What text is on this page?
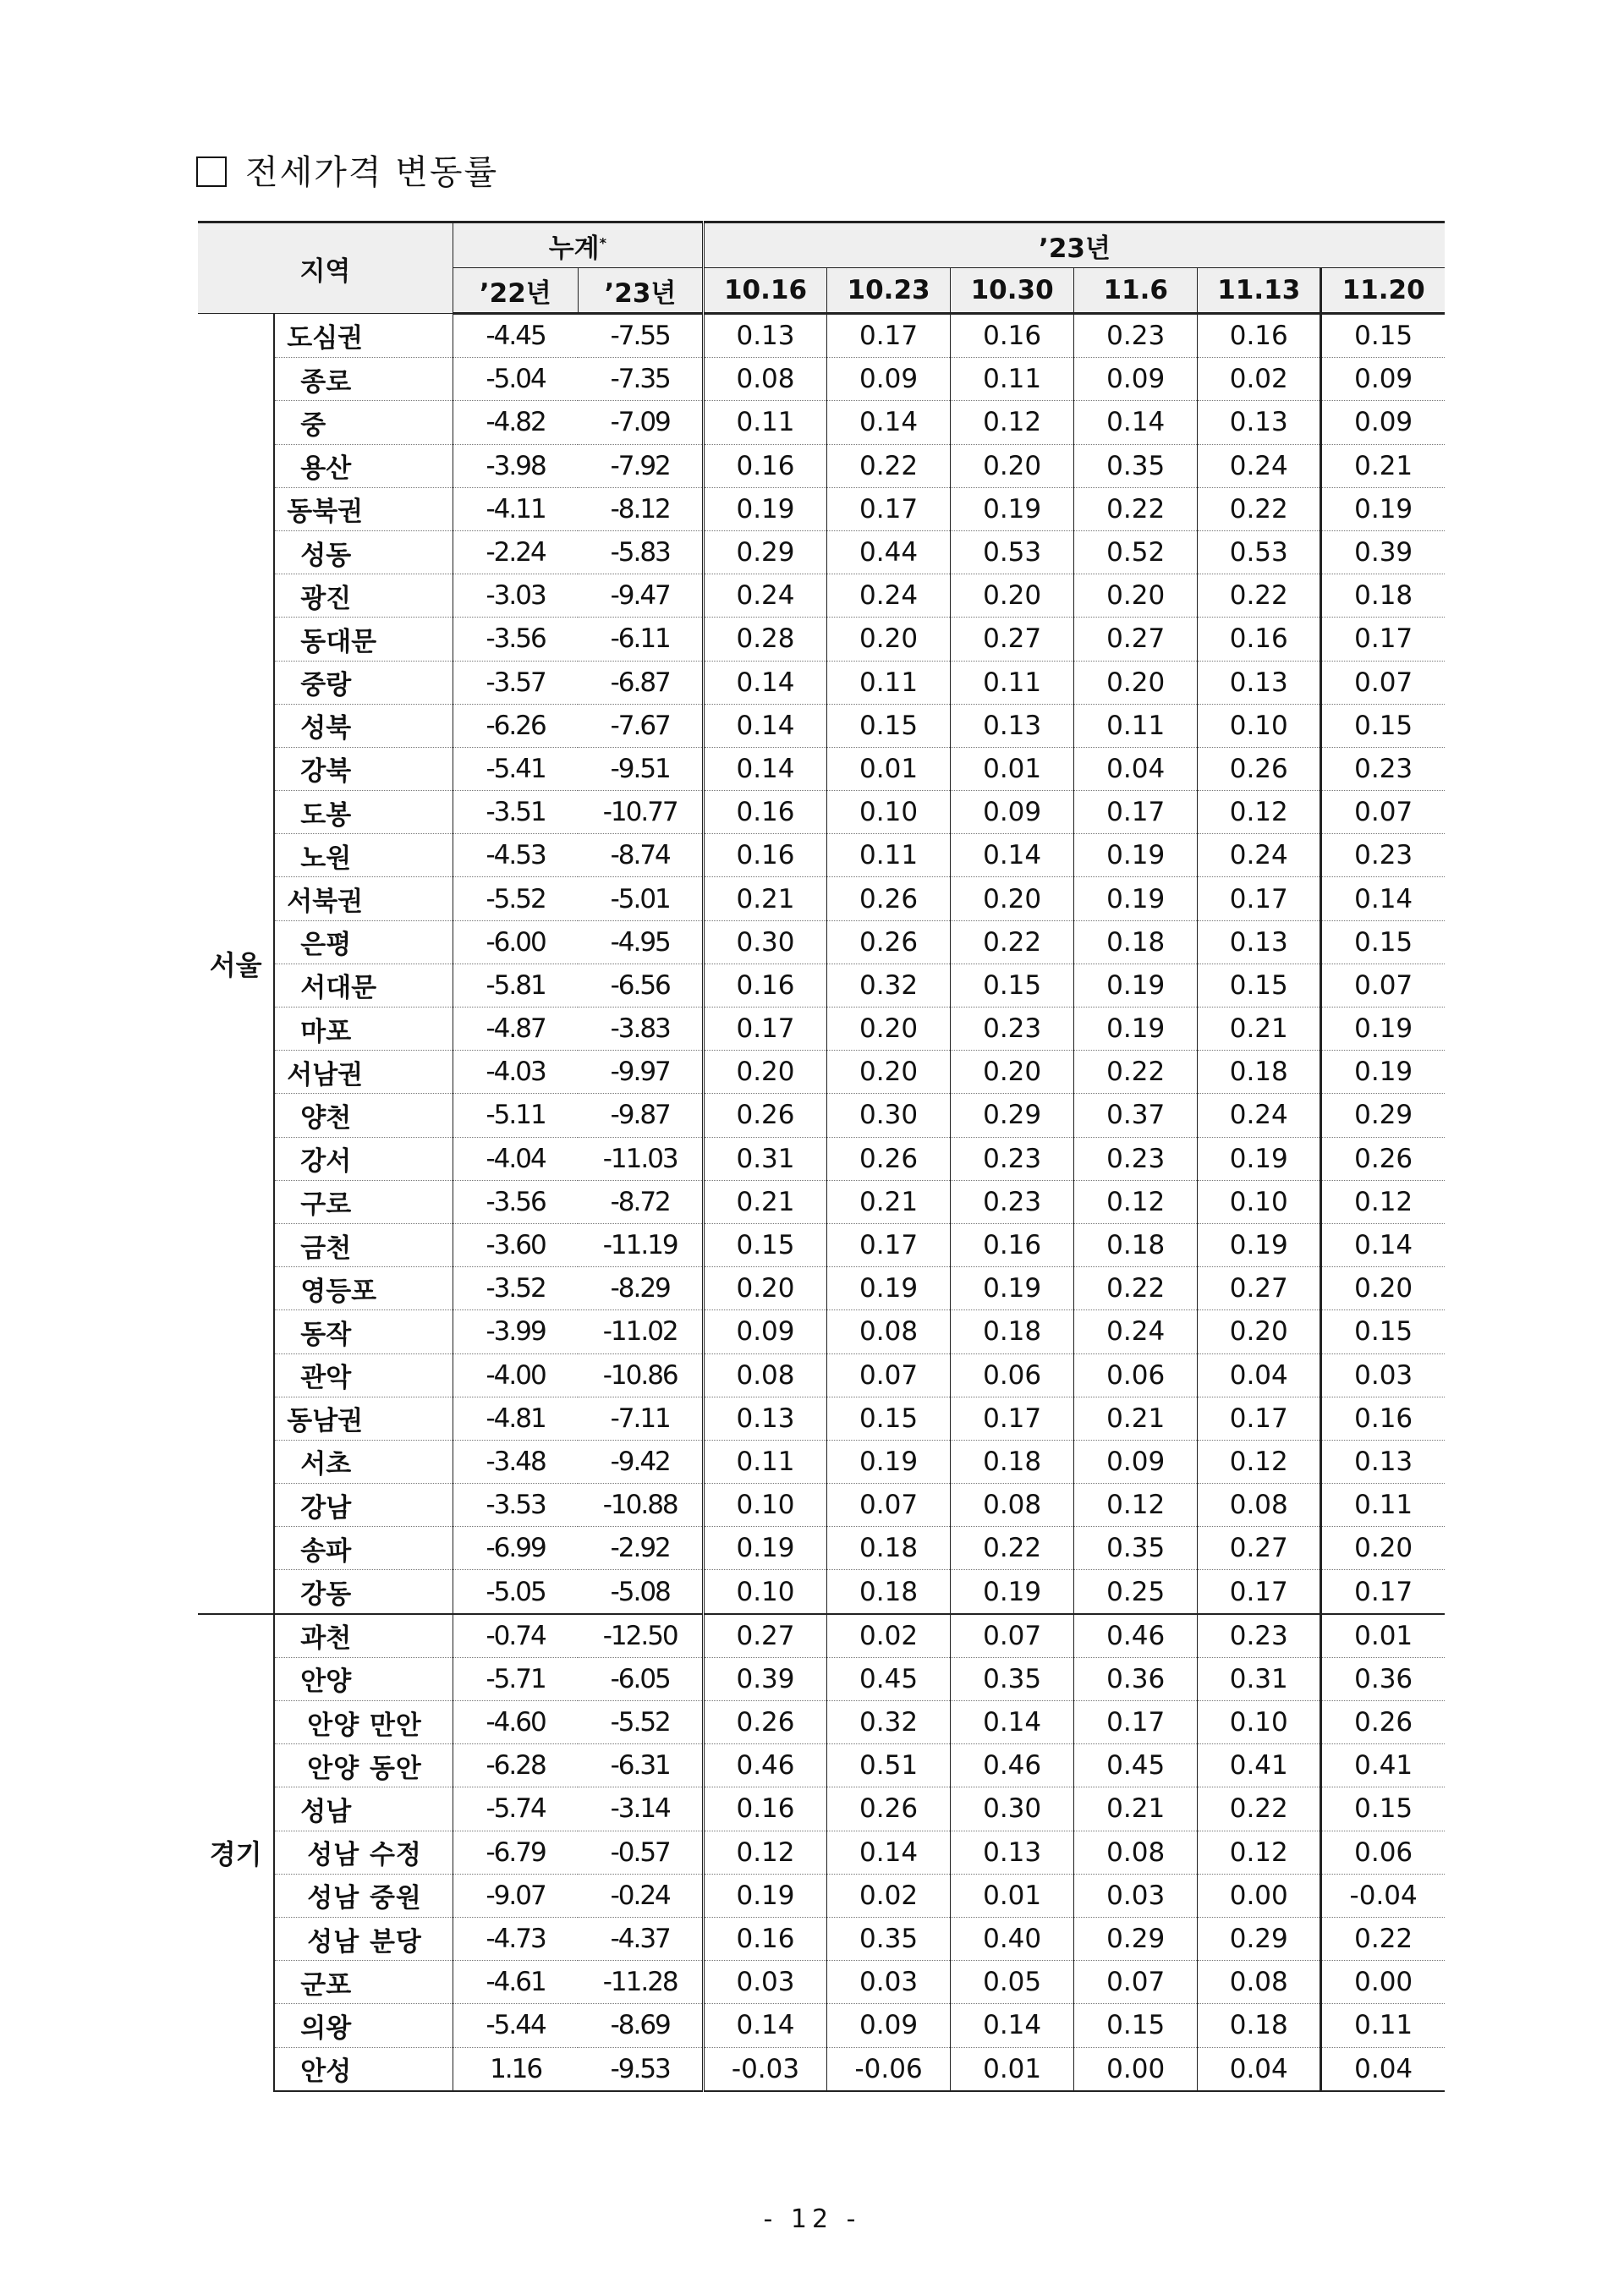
전세가격 변동률
지역		누계*		’23년					
		’22년	’23년	10.16	10.23	10.30	11.6	11.13	11.20
서울	도심권	-4.45	-7.55	0.13	0.17	0.16	0.23	0.16	0.15
	종로	-5.04	-7.35	0.08	0.09	0.11	0.09	0.02	0.09
	중	-4.82	-7.09	0.11	0.14	0.12	0.14	0.13	0.09
	용산	-3.98	-7.92	0.16	0.22	0.20	0.35	0.24	0.21
	동북권	-4.11	-8.12	0.19	0.17	0.19	0.22	0.22	0.19
	성동	-2.24	-5.83	0.29	0.44	0.53	0.52	0.53	0.39
	광진	-3.03	-9.47	0.24	0.24	0.20	0.20	0.22	0.18
	동대문	-3.56	-6.11	0.28	0.20	0.27	0.27	0.16	0.17
	중랑	-3.57	-6.87	0.14	0.11	0.11	0.20	0.13	0.07
	성북	-6.26	-7.67	0.14	0.15	0.13	0.11	0.10	0.15
	강북	-5.41	-9.51	0.14	0.01	0.01	0.04	0.26	0.23
	도봉	-3.51	-10.77	0.16	0.10	0.09	0.17	0.12	0.07
	노원	-4.53	-8.74	0.16	0.11	0.14	0.19	0.24	0.23
	서북권	-5.52	-5.01	0.21	0.26	0.20	0.19	0.17	0.14
	은평	-6.00	-4.95	0.30	0.26	0.22	0.18	0.13	0.15
	서대문	-5.81	-6.56	0.16	0.32	0.15	0.19	0.15	0.07
	마포	-4.87	-3.83	0.17	0.20	0.23	0.19	0.21	0.19
	서남권	-4.03	-9.97	0.20	0.20	0.20	0.22	0.18	0.19
	양천	-5.11	-9.87	0.26	0.30	0.29	0.37	0.24	0.29
	강서	-4.04	-11.03	0.31	0.26	0.23	0.23	0.19	0.26
	구로	-3.56	-8.72	0.21	0.21	0.23	0.12	0.10	0.12
	금천	-3.60	-11.19	0.15	0.17	0.16	0.18	0.19	0.14
	영등포	-3.52	-8.29	0.20	0.19	0.19	0.22	0.27	0.20
	동작	-3.99	-11.02	0.09	0.08	0.18	0.24	0.20	0.15
	관악	-4.00	-10.86	0.08	0.07	0.06	0.06	0.04	0.03
	동남권	-4.81	-7.11	0.13	0.15	0.17	0.21	0.17	0.16
	서초	-3.48	-9.42	0.11	0.19	0.18	0.09	0.12	0.13
	강남	-3.53	-10.88	0.10	0.07	0.08	0.12	0.08	0.11
	송파	-6.99	-2.92	0.19	0.18	0.22	0.35	0.27	0.20
	강동	-5.05	-5.08	0.10	0.18	0.19	0.25	0.17	0.17
경기	과천	-0.74	-12.50	0.27	0.02	0.07	0.46	0.23	0.01
	안양	-5.71	-6.05	0.39	0.45	0.35	0.36	0.31	0.36
	안양 만안	-4.60	-5.52	0.26	0.32	0.14	0.17	0.10	0.26
	안양 동안	-6.28	-6.31	0.46	0.51	0.46	0.45	0.41	0.41
	성남	-5.74	-3.14	0.16	0.26	0.30	0.21	0.22	0.15
	성남 수정	-6.79	-0.57	0.12	0.14	0.13	0.08	0.12	0.06
	성남 중원	-9.07	-0.24	0.19	0.02	0.01	0.03	0.00	-0.04
	성남 분당	-4.73	-4.37	0.16	0.35	0.40	0.29	0.29	0.22
	군포	-4.61	-11.28	0.03	0.03	0.05	0.07	0.08	0.00
	의왕	-5.44	-8.69	0.14	0.09	0.14	0.15	0.18	0.11
	안성	1.16	-9.53	-0.03	-0.06	0.01	0.00	0.04	0.04
- 12 -
